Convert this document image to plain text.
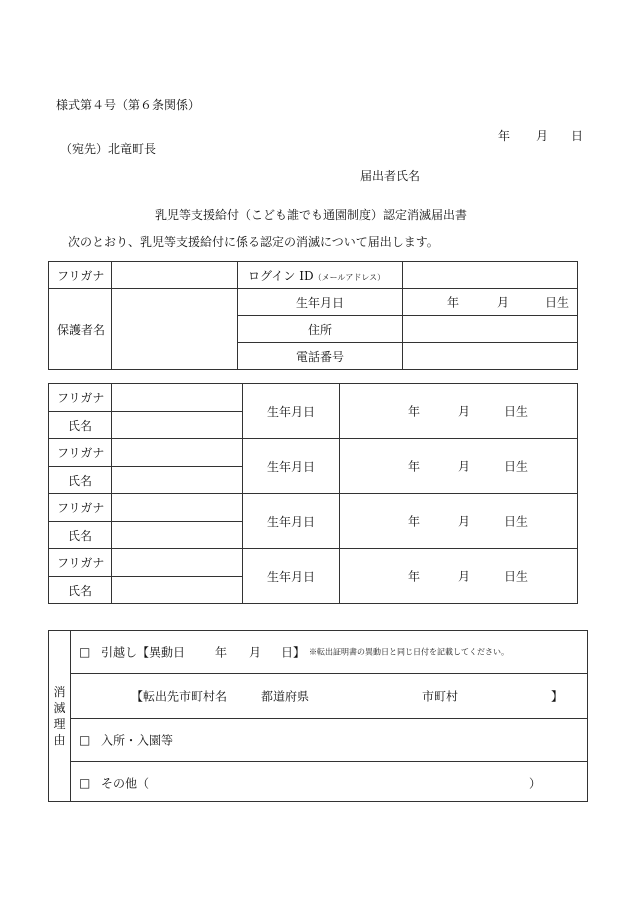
様式第４号（第６条関係）
年 月 日
（宛先）北竜町長
届出者氏名
乳児等支援給付（こども誰でも通園制度）認定消滅届出書
次のとおり、乳児等支援給付に係る認定の消滅について届出します。
フリガナ		ログイン ID（メールアドレス）	
保護者名		生年月日	年 月 日生

		住所	
		電話番号	
フリガナ		生年月日	年 月 日生

氏名			
フリガナ		生年月日	年 月 日生

氏名			
フリガナ		生年月日	年 月 日生

氏名			
フリガナ		生年月日	年 月 日生

氏名			
消
滅
理
由
□ 引越し【異動日 年 月 日】 ※転出証明書の異動日と同じ日付を記載してください。
【転出先市町村名	都道府県	市町村	】
□ 入所・入園等
□ その他（	）
